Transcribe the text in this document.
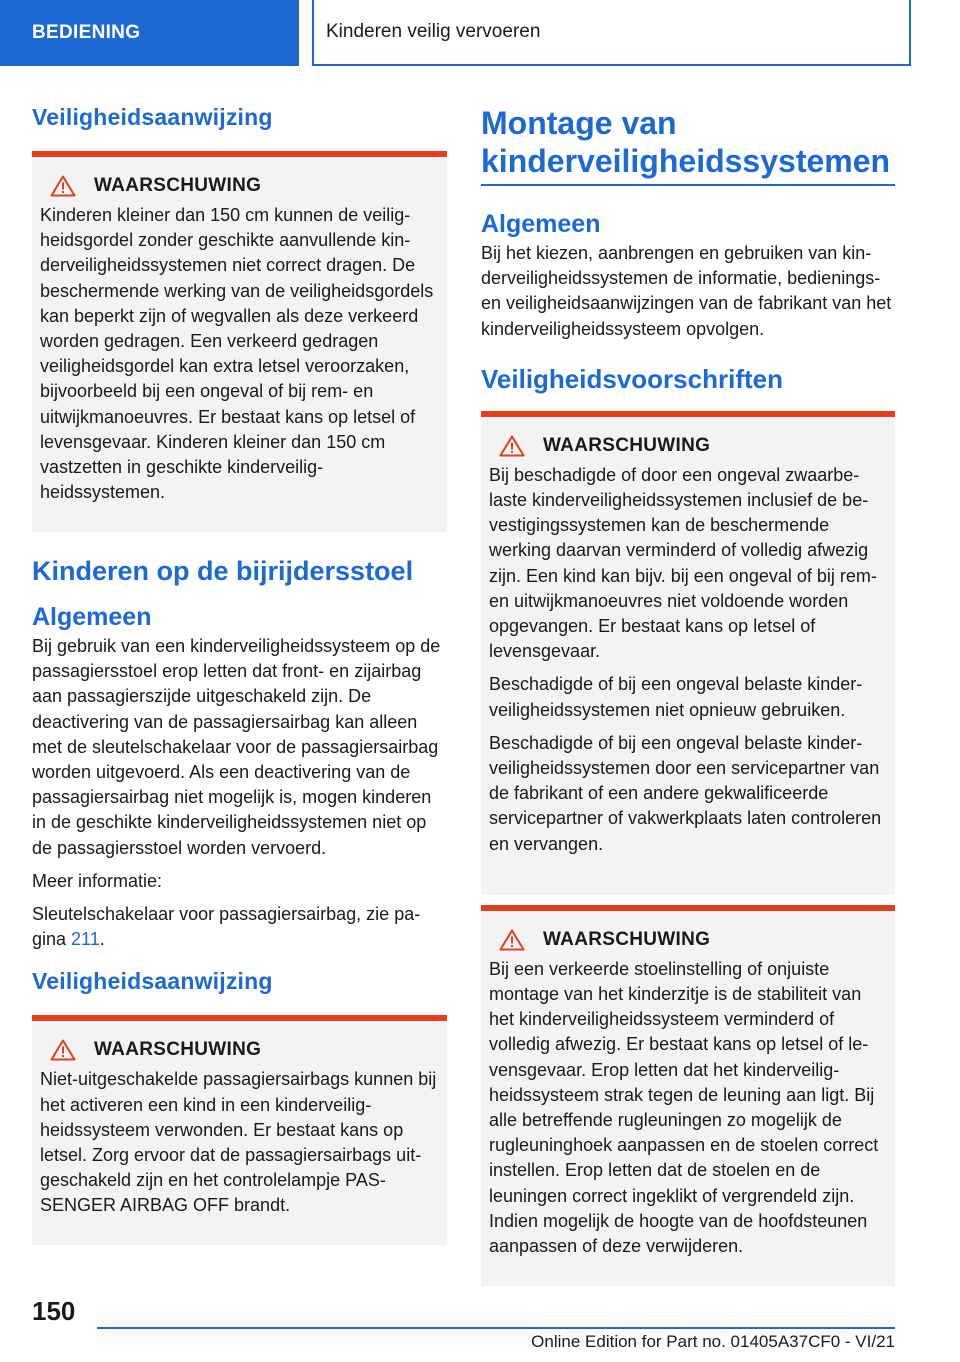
BEDIENING	Kinderen veilig vervoeren
Veiligheidsaanwijzing
WAARSCHUWING
Kinderen kleiner dan 150 cm kunnen de veiligheidsgordel zonder geschikte aanvullende kinderveiligheidssystemen niet correct dragen. De beschermende werking van de veiligheidsgordels kan beperkt zijn of wegvallen als deze verkeerd worden gedragen. Een verkeerd gedragen veiligheidsgordel kan extra letsel veroorzaken, bijvoorbeeld bij een ongeval of bij rem- en uitwijkmanoeuvres. Er bestaat kans op letsel of levensgevaar. Kinderen kleiner dan 150 cm vastzetten in geschikte kinderveiligheidssystemen.
Kinderen op de bijrijdersstoel
Algemeen
Bij gebruik van een kinderveiligheidssysteem op de passagiersstoel erop letten dat front- en zijairbag aan passagierszijde uitgeschakeld zijn. De deactivering van de passagiersairbag kan alleen met de sleutelschakelaar voor de passagiersairbag worden uitgevoerd. Als een deactivering van de passagiersairbag niet mogelijk is, mogen kinderen in de geschikte kinderveiligheidssystemen niet op de passagiersstoel worden vervoerd.
Meer informatie:
Sleutelschakelaar voor passagiersairbag, zie pagina 211.
Veiligheidsaanwijzing
WAARSCHUWING
Niet-uitgeschakelde passagiersairbags kunnen bij het activeren een kind in een kinderveiligheidssysteem verwonden. Er bestaat kans op letsel. Zorg ervoor dat de passagiersairbags uitgeschakeld zijn en het controlelampje PASSENGER AIRBAG OFF brandt.
Montage van kinderveiligheidssystemen
Algemeen
Bij het kiezen, aanbrengen en gebruiken van kinderveiligheidssystemen de informatie, bedienings- en veiligheidsaanwijzingen van de fabrikant van het kinderveiligheidssysteem opvolgen.
Veiligheidsvoorschriften
WAARSCHUWING
Bij beschadigde of door een ongeval zwaarbelaste kinderveiligheidssystemen inclusief de bevestigingssystemen kan de beschermende werking daarvan verminderd of volledig afwezig zijn. Een kind kan bijv. bij een ongeval of bij rem- en uitwijkmanoeuvres niet voldoende worden opgevangen. Er bestaat kans op letsel of levensgevaar.
Beschadigde of bij een ongeval belaste kinderveiligheidssystemen niet opnieuw gebruiken.
Beschadigde of bij een ongeval belaste kinderveiligheidssystemen door een servicepartner van de fabrikant of een andere gekwalificeerde servicepartner of vakwerkplaats laten controleren en vervangen.
WAARSCHUWING
Bij een verkeerde stoelinstelling of onjuiste montage van het kinderzitje is de stabiliteit van het kinderveiligheidssysteem verminderd of volledig afwezig. Er bestaat kans op letsel of levensgevaar. Erop letten dat het kinderveiligheidssysteem strak tegen de leuning aan ligt. Bij alle betreffende rugleuningen zo mogelijk de rugleuninghoek aanpassen en de stoelen correct instellen. Erop letten dat de stoelen en de leuningen correct ingeklikt of vergrendeld zijn. Indien mogelijk de hoogte van de hoofdsteunen aanpassen of deze verwijderen.
150
Online Edition for Part no. 01405A37CF0 - VI/21
